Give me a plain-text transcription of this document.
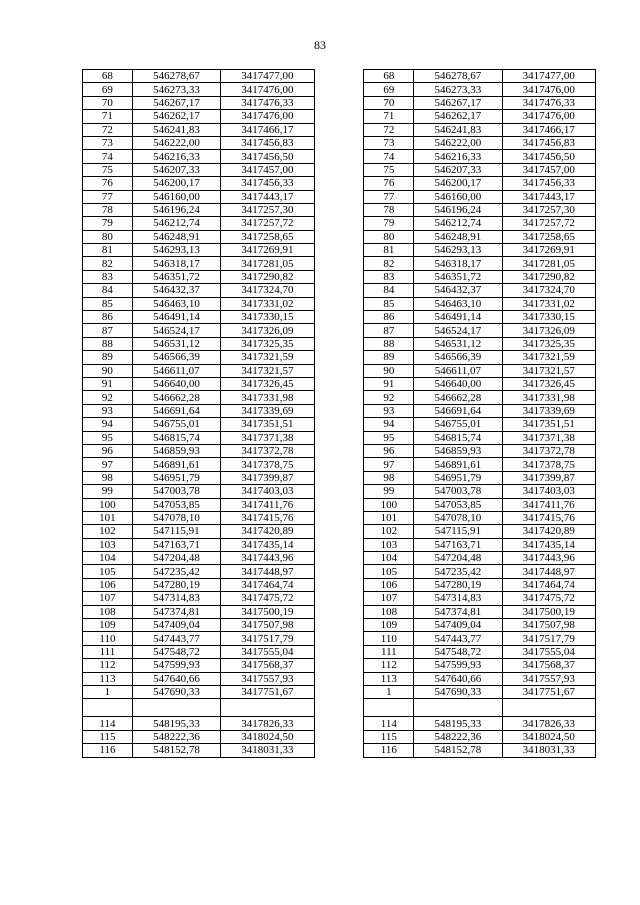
83
68	546278,67	3417477,00		68	546278,67	3417477,00
69	546273,33	3417476,00		69	546273,33	3417476,00
70	546267,17	3417476,33		70	546267,17	3417476,33
71	546262,17	3417476,00		71	546262,17	3417476,00
72	546241,83	3417466,17		72	546241,83	3417466,17
73	546222,00	3417456,83		73	546222,00	3417456,83
74	546216,33	3417456,50		74	546216,33	3417456,50
75	546207,33	3417457,00		75	546207,33	3417457,00
76	546200,17	3417456,33		76	546200,17	3417456,33
77	546160,00	3417443,17		77	546160,00	3417443,17
78	546196,24	3417257,30		78	546196,24	3417257,30
79	546212,74	3417257,72		79	546212,74	3417257,72
80	546248,91	3417258,65		80	546248,91	3417258,65
81	546293,13	3417269,91		81	546293,13	3417269,91
82	546318,17	3417281,05		82	546318,17	3417281,05
83	546351,72	3417290,82		83	546351,72	3417290,82
84	546432,37	3417324,70		84	546432,37	3417324,70
85	546463,10	3417331,02		85	546463,10	3417331,02
86	546491,14	3417330,15		86	546491,14	3417330,15
87	546524,17	3417326,09		87	546524,17	3417326,09
88	546531,12	3417325,35		88	546531,12	3417325,35
89	546566,39	3417321,59		89	546566,39	3417321,59
90	546611,07	3417321,57		90	546611,07	3417321,57
91	546640,00	3417326,45		91	546640,00	3417326,45
92	546662,28	3417331,98		92	546662,28	3417331,98
93	546691,64	3417339,69		93	546691,64	3417339,69
94	546755,01	3417351,51		94	546755,01	3417351,51
95	546815,74	3417371,38		95	546815,74	3417371,38
96	546859,93	3417372,78		96	546859,93	3417372,78
97	546891,61	3417378,75		97	546891,61	3417378,75
98	546951,79	3417399,87		98	546951,79	3417399,87
99	547003,78	3417403,03		99	547003,78	3417403,03
100	547053,85	3417411,76		100	547053,85	3417411,76
101	547078,10	3417415,76		101	547078,10	3417415,76
102	547115,91	3417420,89		102	547115,91	3417420,89
103	547163,71	3417435,14		103	547163,71	3417435,14
104	547204,48	3417443,96		104	547204,48	3417443,96
105	547235,42	3417448,97		105	547235,42	3417448,97
106	547280,19	3417464,74		106	547280,19	3417464,74
107	547314,83	3417475,72		107	547314,83	3417475,72
108	547374,81	3417500,19		108	547374,81	3417500,19
109	547409,04	3417507,98		109	547409,04	3417507,98
110	547443,77	3417517,79		110	547443,77	3417517,79
111	547548,72	3417555,04		111	547548,72	3417555,04
112	547599,93	3417568,37		112	547599,93	3417568,37
113	547640,66	3417557,93		113	547640,66	3417557,93
1	547690,33	3417751,67		1	547690,33	3417751,67

114	548195,33	3417826,33		114	548195,33	3417826,33
115	548222,36	3418024,50		115	548222,36	3418024,50
116	548152,78	3418031,33		116	548152,78	3418031,33
